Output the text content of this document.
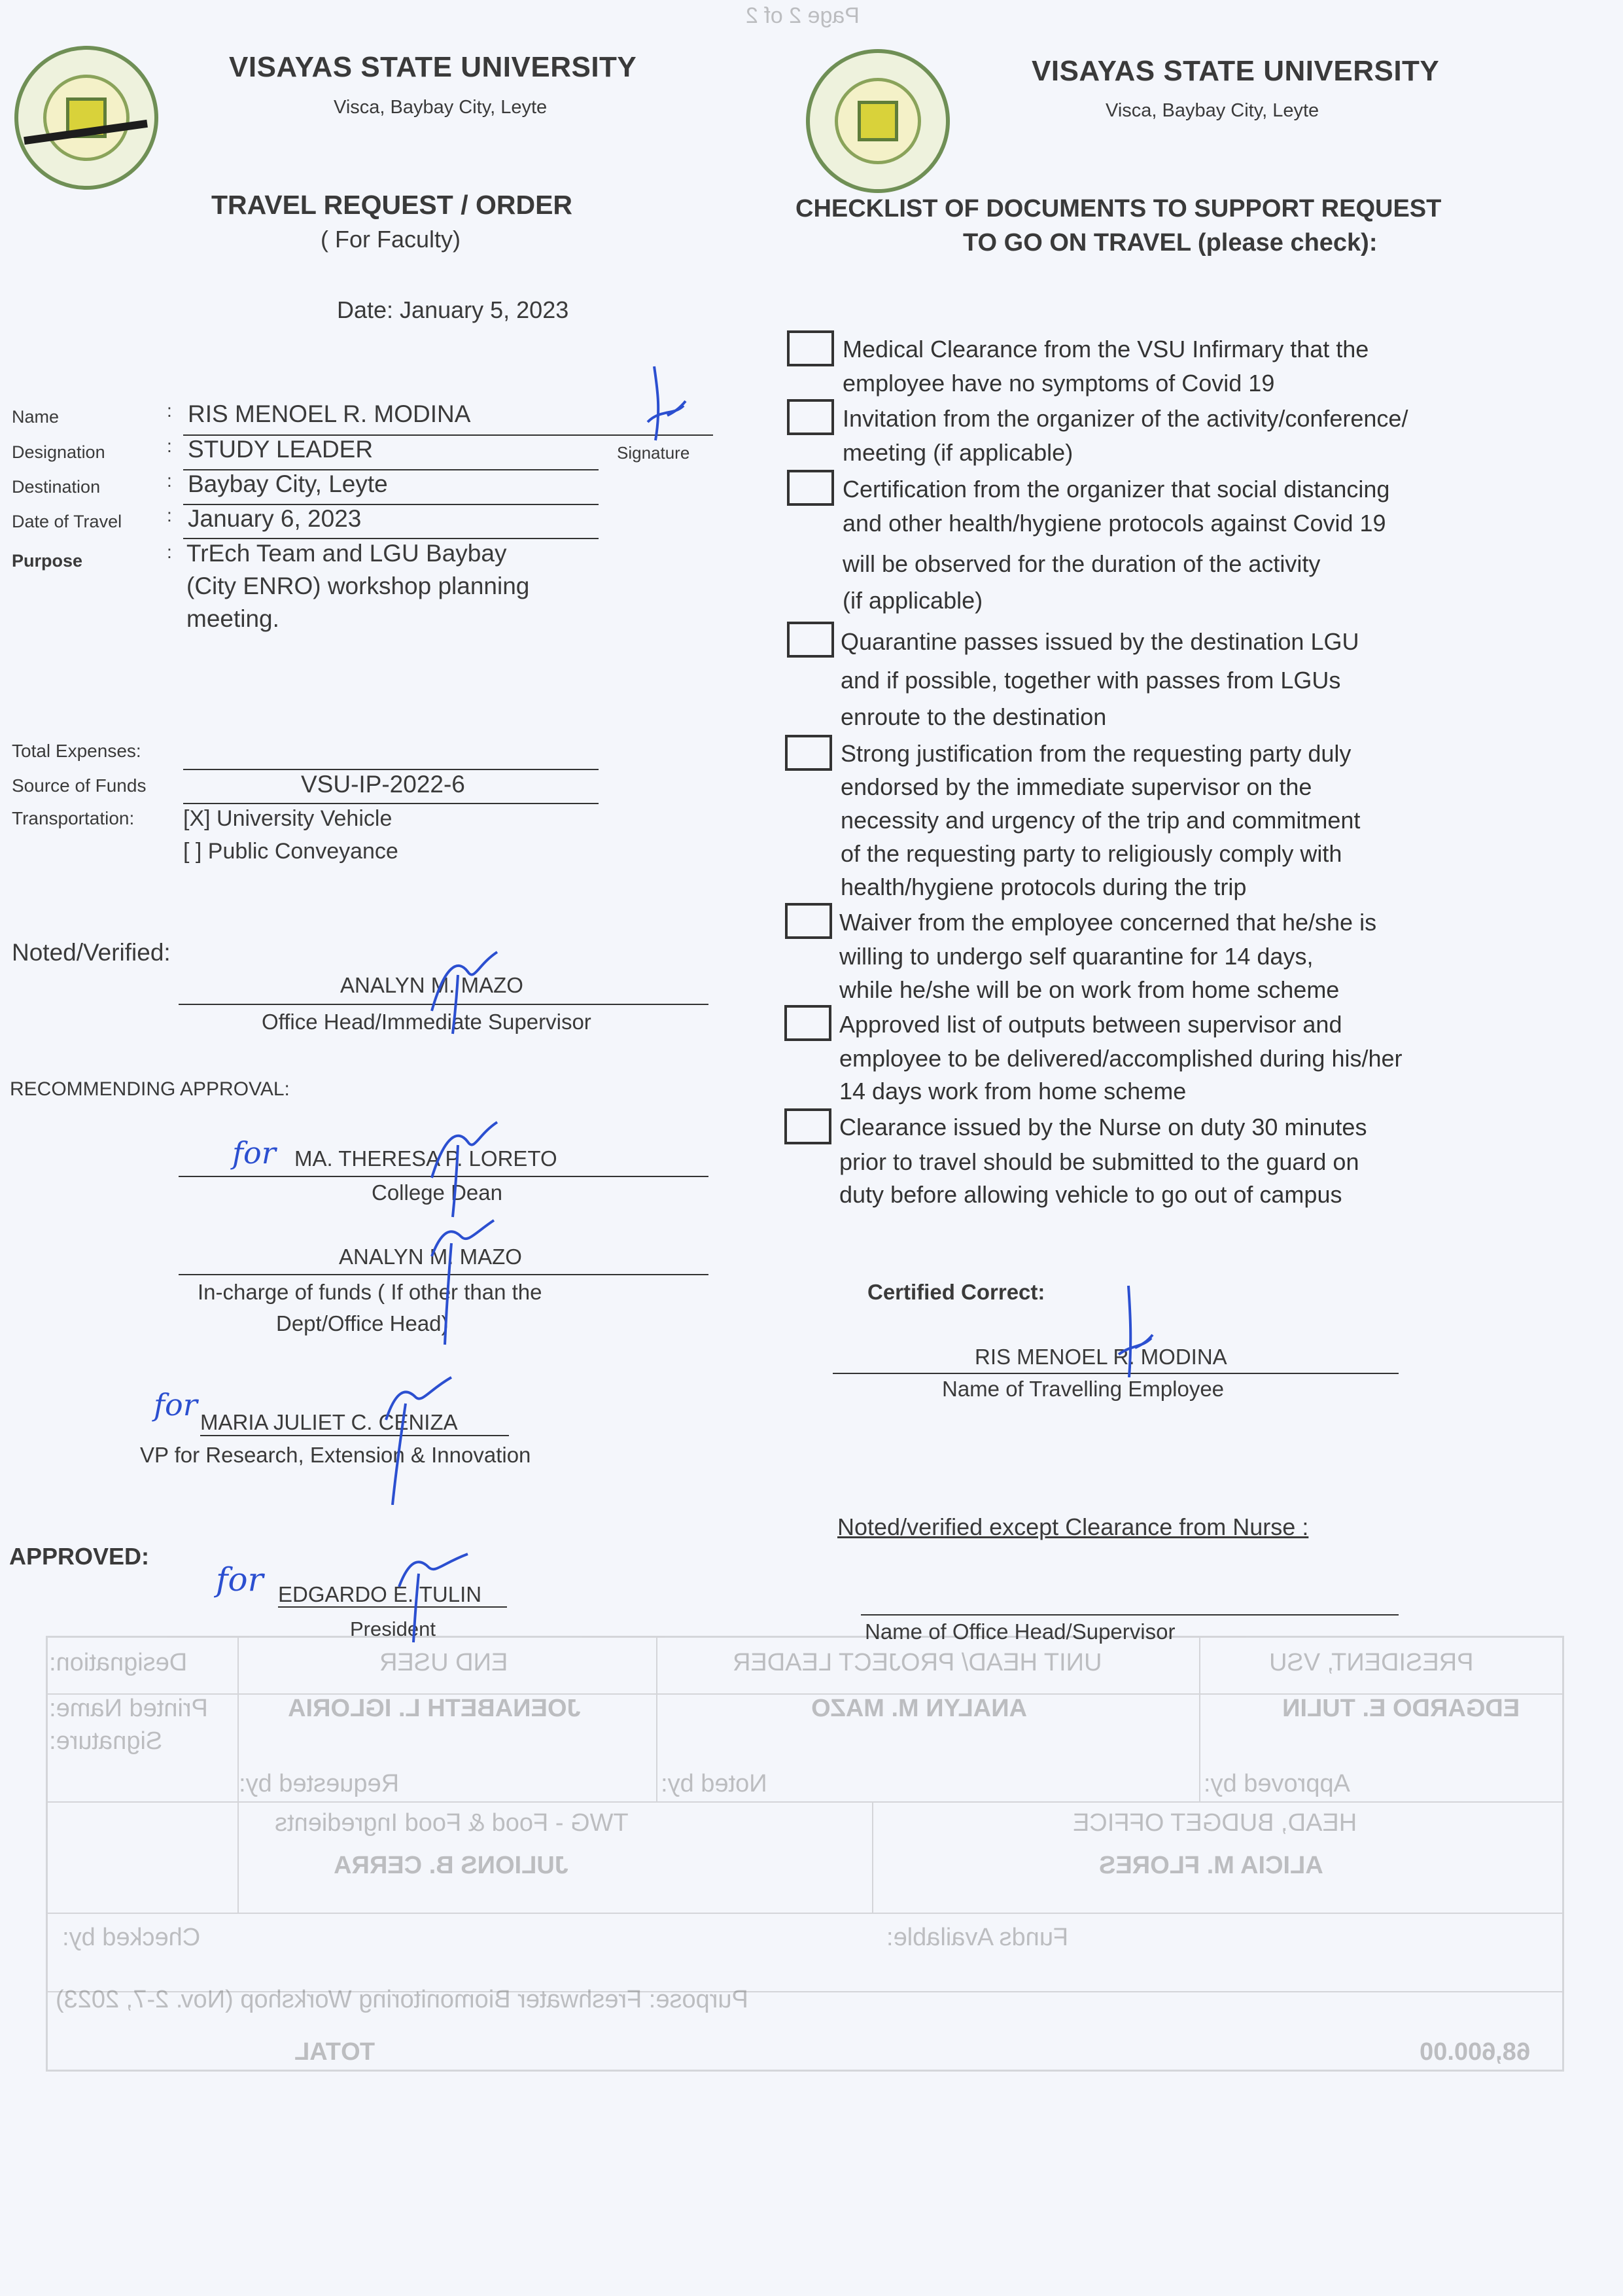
Designation:	END USER	UNIT HEAD/ PROJECT LEADER	PRESIDENT, VSU
Printed Name:	JOENABETH L. IGLORIA	ANALYN M. MAZO	EDGARDO E. TULIN
Signature:
Requested by:	Noted by:	Approved by:
TWG - Food & Food Ingredients	HEAD, BUDGET OFFICE
JULIONS B. CERRA	ALICIA M. FLORES
Checked by:	Funds Available:
Purpose: Freshwater Biomonitoring Workshop (Nov. 2-7, 2023)
TOTAL	68,600.00
Page 2 of 2
VISAYAS STATE UNIVERSITY
Visca, Baybay City, Leyte
TRAVEL REQUEST / ORDER
( For Faculty)
Date: January 5, 2023
Name	: RIS MENOEL R. MODINA
Signature
Designation	: STUDY LEADER
Destination	: Baybay City, Leyte
Date of Travel : January 6, 2023
Purpose	: TrEch Team and LGU Baybay
(City ENRO) workshop planning
meeting.
Total Expenses:
Source of Funds	VSU-IP-2022-6
Transportation: [X] University Vehicle
[ ] Public Conveyance
Noted/Verified:
ANALYN M. MAZO
Office Head/Immediate Supervisor
RECOMMENDING APPROVAL:
MA. THERESA P. LORETO
College Dean
ANALYN M. MAZO
In-charge of funds ( If other than the
Dept/Office Head)
MARIA JULIET C. CENIZA
VP for Research, Extension & Innovation
APPROVED:
EDGARDO E. TULIN
President
for
for
for
VISAYAS STATE UNIVERSITY
Visca, Baybay City, Leyte
CHECKLIST OF DOCUMENTS TO SUPPORT REQUEST
TO GO ON TRAVEL (please check):
Medical Clearance from the VSU Infirmary that the
employee have no symptoms of Covid 19
Invitation from the organizer of the activity/conference/
meeting (if applicable)
Certification from the organizer that social distancing
and other health/hygiene protocols against Covid 19
will be observed for the duration of the activity
(if applicable)
Quarantine passes issued by the destination LGU
and if possible, together with passes from LGUs
enroute to the destination
Strong justification from the requesting party duly
endorsed by the immediate supervisor on the
necessity and urgency of the trip and commitment
of the requesting party to religiously comply with
health/hygiene protocols during the trip
Waiver from the employee concerned that he/she is
willing to undergo self quarantine for 14 days,
while he/she will be on work from home scheme
Approved list of outputs between supervisor and
employee to be delivered/accomplished during his/her
14 days work from home scheme
Clearance issued by the Nurse on duty 30 minutes
prior to travel should be submitted to the guard on
duty before allowing vehicle to go out of campus
Certified Correct:
RIS MENOEL R. MODINA
Name of Travelling Employee
Noted/verified except Clearance from Nurse :
Name of Office Head/Supervisor
